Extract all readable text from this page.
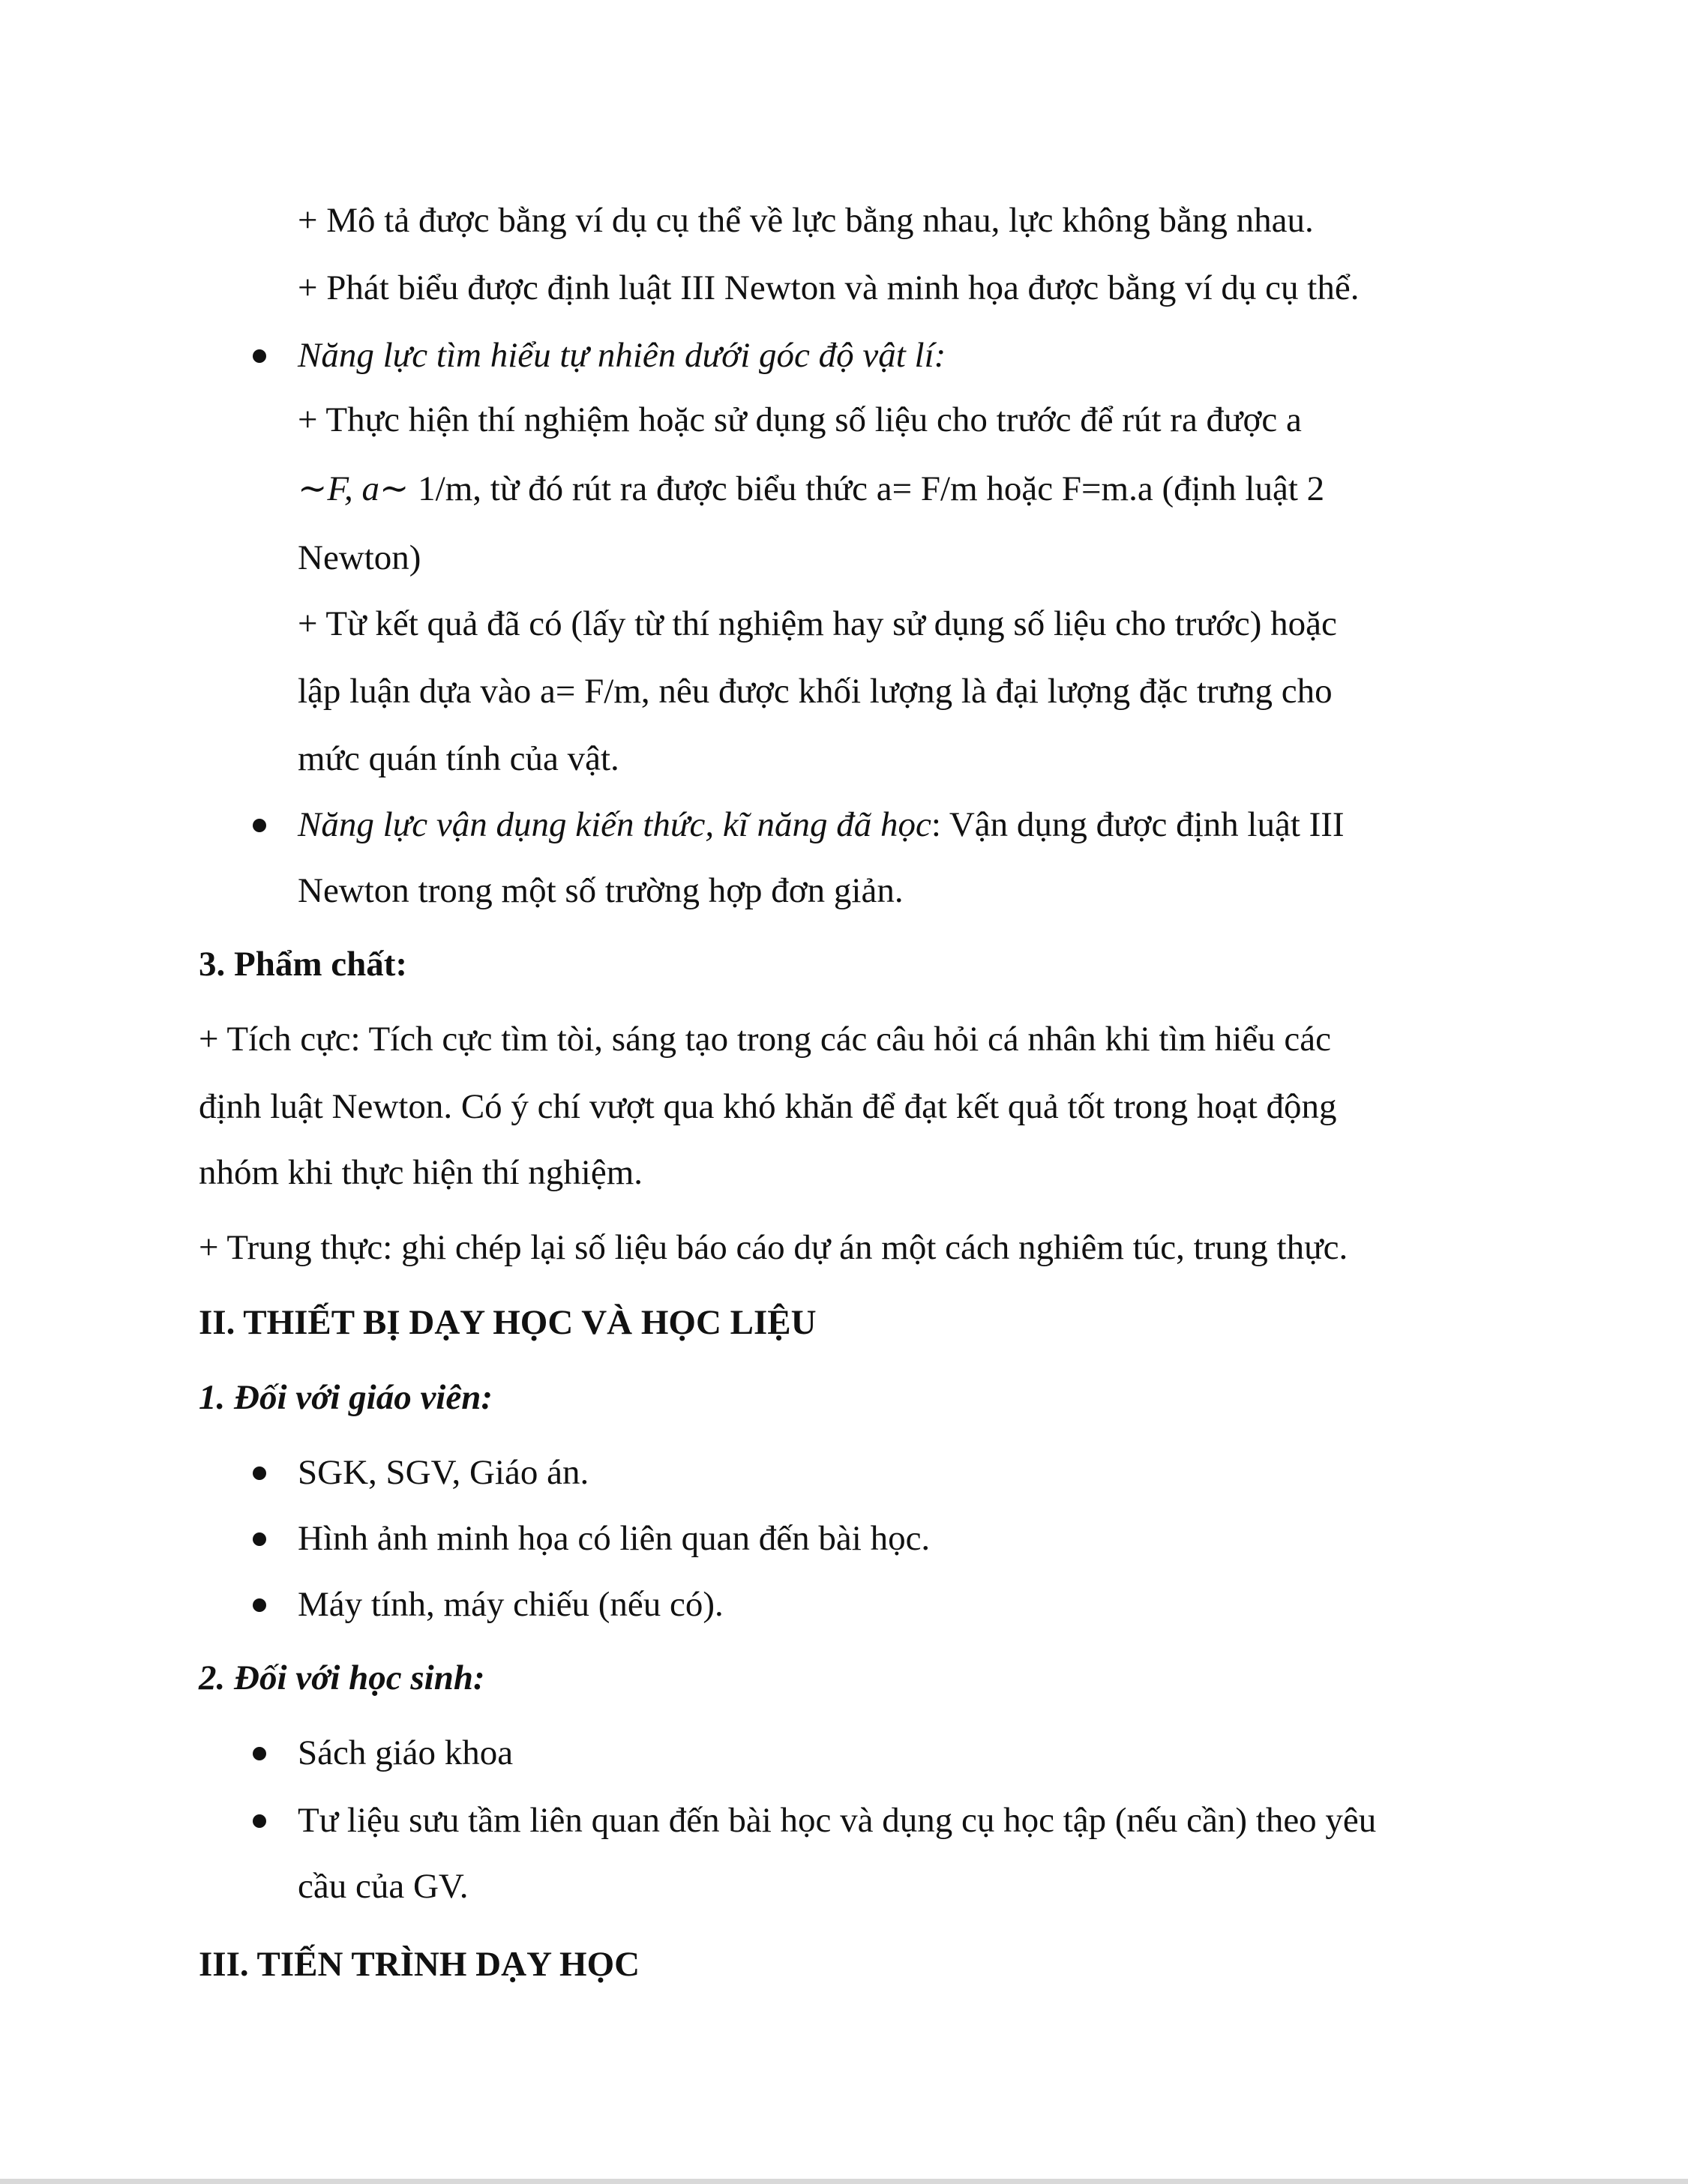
+ Mô tả được bằng ví dụ cụ thể về lực bằng nhau, lực không bằng nhau.
+ Phát biểu được định luật III Newton và minh họa được bằng ví dụ cụ thể.
Năng lực tìm hiểu tự nhiên dưới góc độ vật lí:
+ Thực hiện thí nghiệm hoặc sử dụng số liệu cho trước để rút ra được a
∼F, a∼ 1/m, từ đó rút ra được biểu thức a= F/m hoặc F=m.a (định luật 2
Newton)
+ Từ kết quả đã có (lấy từ thí nghiệm hay sử dụng số liệu cho trước) hoặc
lập luận dựa vào a= F/m, nêu được khối lượng là đại lượng đặc trưng cho
mức quán tính của vật.
Năng lực vận dụng kiến thức, kĩ năng đã học: Vận dụng được định luật III
Newton trong một số trường hợp đơn giản.
3. Phẩm chất:
+ Tích cực: Tích cực tìm tòi, sáng tạo trong các câu hỏi cá nhân khi tìm hiểu các
định luật Newton. Có ý chí vượt qua khó khăn để đạt kết quả tốt trong hoạt động
nhóm khi thực hiện thí nghiệm.
+ Trung thực: ghi chép lại số liệu báo cáo dự án một cách nghiêm túc, trung thực.
II. THIẾT BỊ DẠY HỌC VÀ HỌC LIỆU
1. Đối với giáo viên:
SGK, SGV, Giáo án.
Hình ảnh minh họa có liên quan đến bài học.
Máy tính, máy chiếu (nếu có).
2. Đối với học sinh:
Sách giáo khoa
Tư liệu sưu tầm liên quan đến bài học và dụng cụ học tập (nếu cần) theo yêu
cầu của GV.
III. TIẾN TRÌNH DẠY HỌC
